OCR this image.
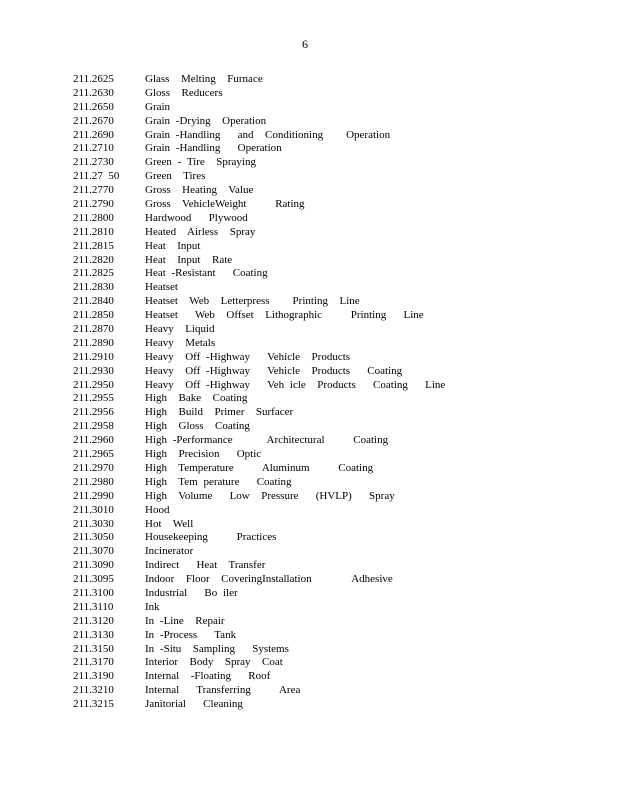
6
211.2625	Glass  Melting  Furnace
211.2630	Gloss  Reducers
211.2650	Grain
211.2670	Grain -Drying  Operation
211.2690	Grain -Handling   and  Conditioning    Operation
211.2710	Grain -Handling   Operation
211.2730	Green - Tire  Spraying
211.27  50	Green  Tires
211.2770	Gross  Heating  Value
211.2790	Gross  VehicleWeight     Rating
211.2800	Hardwood   Plywood
211.2810	Heated  Airless  Spray
211.2815	Heat  Input
211.2820	Heat  Input  Rate
211.2825	Heat -Resistant   Coating
211.2830	Heatset
211.2840	Heatset  Web  Letterpress    Printing  Line
211.2850	Heatset   Web  Offset  Lithographic     Printing   Line
211.2870	Heavy  Liquid
211.2890	Heavy  Metals
211.2910	Heavy  Off -Highway   Vehicle  Products
211.2930	Heavy  Off -Highway   Vehicle  Products   Coating
211.2950	Heavy  Off -Highway   Veh icle  Products   Coating   Line
211.2955	High  Bake  Coating
211.2956	High  Build  Primer  Surfacer
211.2958	High  Gloss  Coating
211.2960	High -Performance      Architectural     Coating
211.2965	High  Precision   Optic
211.2970	High  Temperature     Aluminum     Coating
211.2980	High  Tem perature   Coating
211.2990	High  Volume   Low  Pressure   (HVLP)   Spray
211.3010	Hood
211.3030	Hot  Well
211.3050	Housekeeping     Practices
211.3070	Incinerator
211.3090	Indirect   Heat  Transfer
211.3095	Indoor  Floor  CoveringInstallation       Adhesive
211.3100	Industrial   Bo iler
211.3110	Ink
211.3120	In -Line  Repair
211.3130	In -Process   Tank
211.3150	In -Situ  Sampling   Systems
211.3170	Interior  Body  Spray  Coat
211.3190	Internal  -Floating   Roof
211.3210	Internal   Transferring     Area
211.3215	Janitorial   Cleaning
